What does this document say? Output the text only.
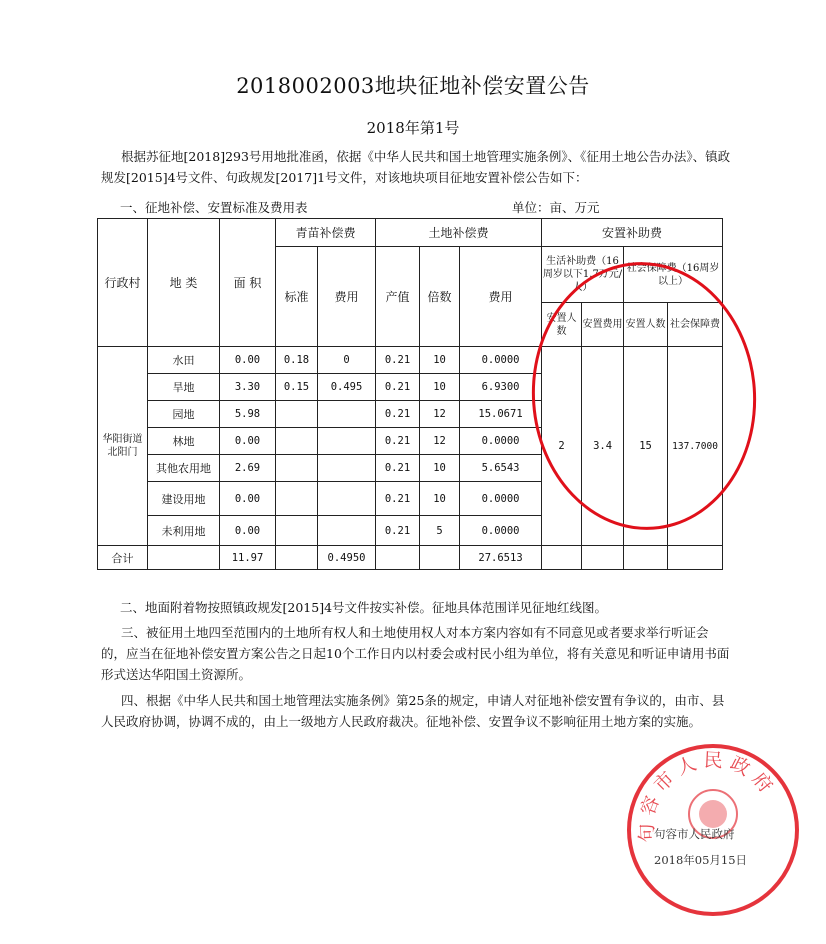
2018002003地块征地补偿安置公告
2018年第1号
根据苏征地[2018]293号用地批准函，依据《中华人民共和国土地管理实施条例》、《征用土地公告办法》、镇政规发[2015]4号文件、句政规发[2017]1号文件，对该地块项目征地安置补偿公告如下：
一、征地补偿、安置标准及费用表	单位：亩、万元
行政村	地 类	面 积	青苗补偿费		土地补偿费			安置补助费			
			标准	费用	产值	倍数	费用	生活补助费（16周岁以下1.7万元/人）		社会保障费（16周岁以上）	
								安置人数	安置费用	安置人数	社会保障费
华阳街道北阳门	水田	0.00	0.18	0	0.21	10	0.0000	2	3.4	15	137.7000
	旱地	3.30	0.15	0.495	0.21	10	6.9300				
	园地	5.98			0.21	12	15.0671				
	林地	0.00			0.21	12	0.0000				
	其他农用地	2.69			0.21	10	5.6543				
	建设用地	0.00			0.21	10	0.0000				
	未利用地	0.00			0.21	5	0.0000				
合计		11.97		0.4950			27.6513				
二、地面附着物按照镇政规发[2015]4号文件按实补偿。征地具体范围详见征地红线图。
三、被征用土地四至范围内的土地所有权人和土地使用权人对本方案内容如有不同意见或者要求举行听证会的，应当在征地补偿安置方案公告之日起10个工作日内以村委会或村民小组为单位，将有关意见和听证申请用书面形式送达华阳国土资源所。
四、根据《中华人民共和国土地管理法实施条例》第25条的规定，申请人对征地补偿安置有争议的，由市、县人民政府协调，协调不成的，由上一级地方人民政府裁决。征地补偿、安置争议不影响征用土地方案的实施。
句容市人民政府
句容市人民政府
2018年05月15日
